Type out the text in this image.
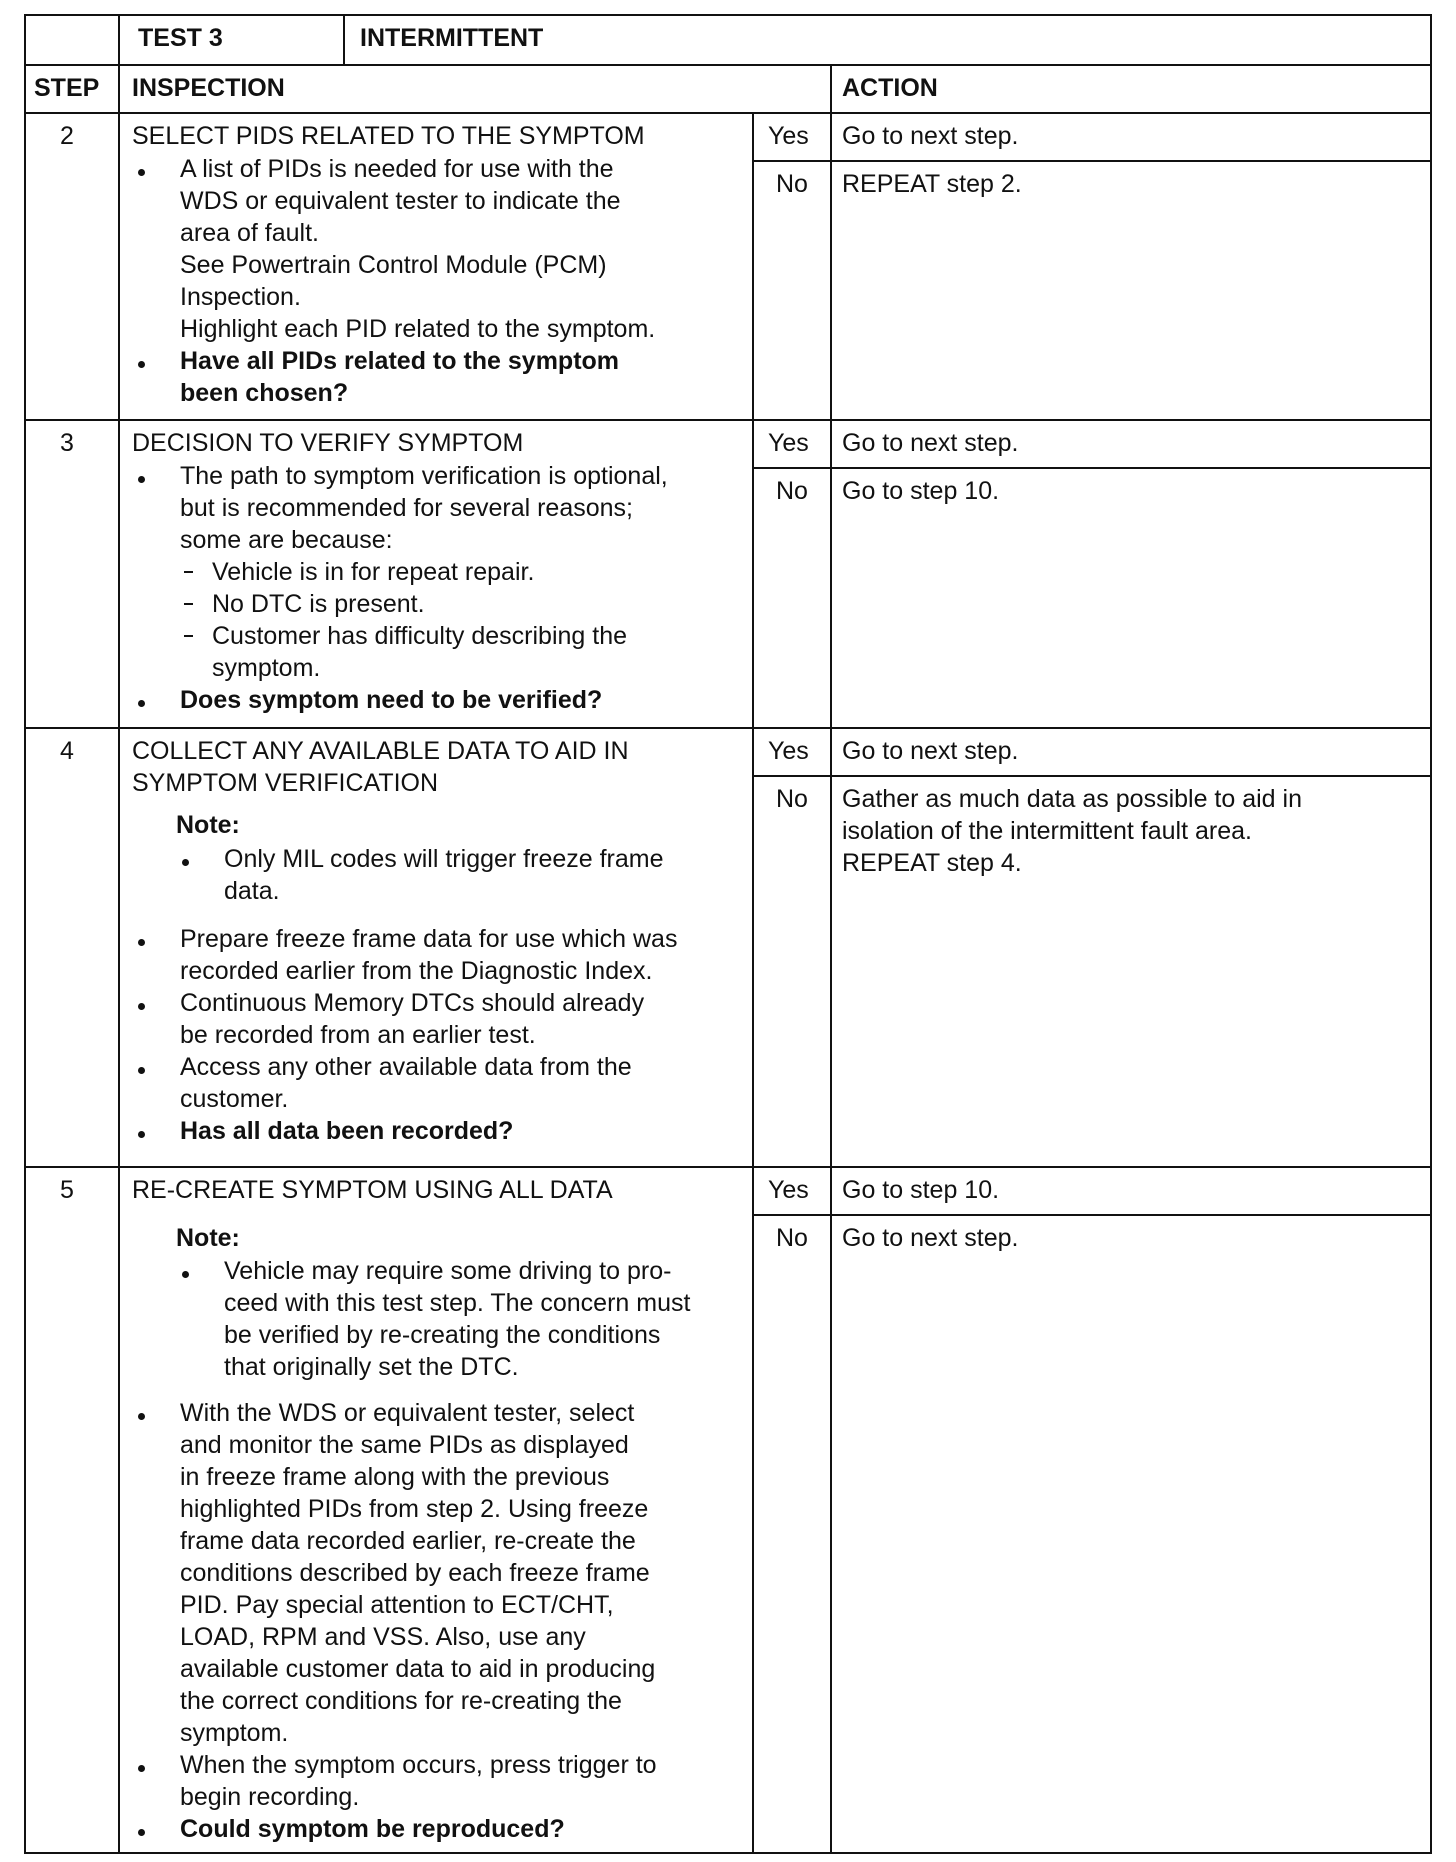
TEST 3	INTERMITTENT
STEP INSPECTION	ACTION
2 SELECT PIDS RELATED TO THE SYMPTOM
A list of PIDs is needed for use with the
WDS or equivalent tester to indicate the
area of fault.
See Powertrain Control Module (PCM)
Inspection.
Highlight each PID related to the symptom.
Have all PIDs related to the symptom
been chosen?
Yes Go to next step.
No REPEAT step 2.
3 DECISION TO VERIFY SYMPTOM
The path to symptom verification is optional,
but is recommended for several reasons;
some are because:
Vehicle is in for repeat repair.
No DTC is present.
Customer has difficulty describing the
symptom.
Does symptom need to be verified?
Yes Go to next step.
No Go to step 10.
4 COLLECT ANY AVAILABLE DATA TO AID IN
SYMPTOM VERIFICATION
Note:
Only MIL codes will trigger freeze frame
data.
Prepare freeze frame data for use which was
recorded earlier from the Diagnostic Index.
Continuous Memory DTCs should already
be recorded from an earlier test.
Access any other available data from the
customer.
Has all data been recorded?
Yes Go to next step.
No Gather as much data as possible to aid in
isolation of the intermittent fault area.
REPEAT step 4.
5 RE-CREATE SYMPTOM USING ALL DATA
Note:
Vehicle may require some driving to pro-
ceed with this test step. The concern must
be verified by re-creating the conditions
that originally set the DTC.
With the WDS or equivalent tester, select
and monitor the same PIDs as displayed
in freeze frame along with the previous
highlighted PIDs from step 2. Using freeze
frame data recorded earlier, re-create the
conditions described by each freeze frame
PID. Pay special attention to ECT/CHT,
LOAD, RPM and VSS. Also, use any
available customer data to aid in producing
the correct conditions for re-creating the
symptom.
When the symptom occurs, press trigger to
begin recording.
Could symptom be reproduced?
Yes Go to step 10.
No Go to next step.
